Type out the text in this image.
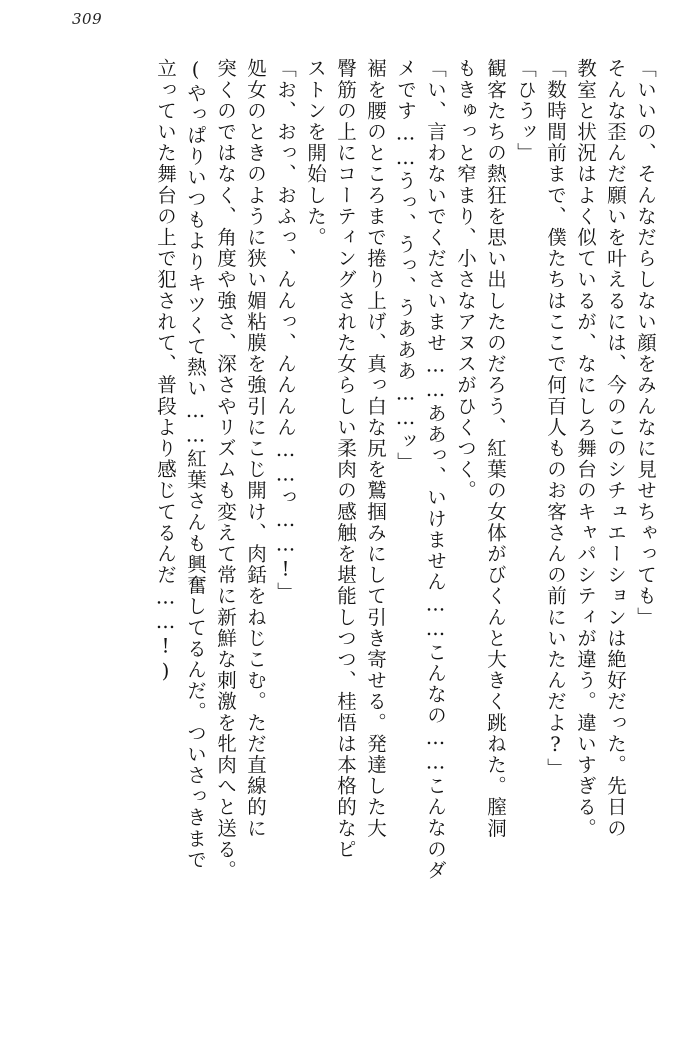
309
「いいの、そんなだらしない顔をみんなに見せちゃっても」
そんな歪んだ願いを叶えるには、今のこのシチュエーションは絶好だった。先日の
教室と状況はよく似ているが、なにしろ舞台のキャパシティが違う。違いすぎる。
「数時間前まで、僕たちはここで何百人ものお客さんの前にいたんだよ?」
「ひうッ」
観客たちの熱狂を思い出したのだろう、紅葉の女体がびくんと大きく跳ねた。膣洞
もきゅっと窄まり、小さなアヌスがひくつく。
「い、言わないでくださいませ……ああっ、いけません……こんなの……こんなのダ
メです……うっ、うっ、うあああ……ッ」
裾を腰のところまで捲り上げ、真っ白な尻を鷲掴みにして引き寄せる。発達した大
臀筋の上にコーティングされた女らしい柔肉の感触を堪能しつつ、桂悟は本格的なピ
ストンを開始した。
「お、おっ、おふっ、んんっ、んんんん……っ……!」
処女のときのように狭い媚粘膜を強引にこじ開け、肉銛をねじこむ。ただ直線的に
突くのではなく、角度や強さ、深さやリズムも変えて常に新鮮な刺激を牝肉へと送る。
(やっぱりいつもよりキツくて熱い……紅葉さんも興奮してるんだ。ついさっきまで
立っていた舞台の上で犯されて、普段より感じてるんだ……!)
